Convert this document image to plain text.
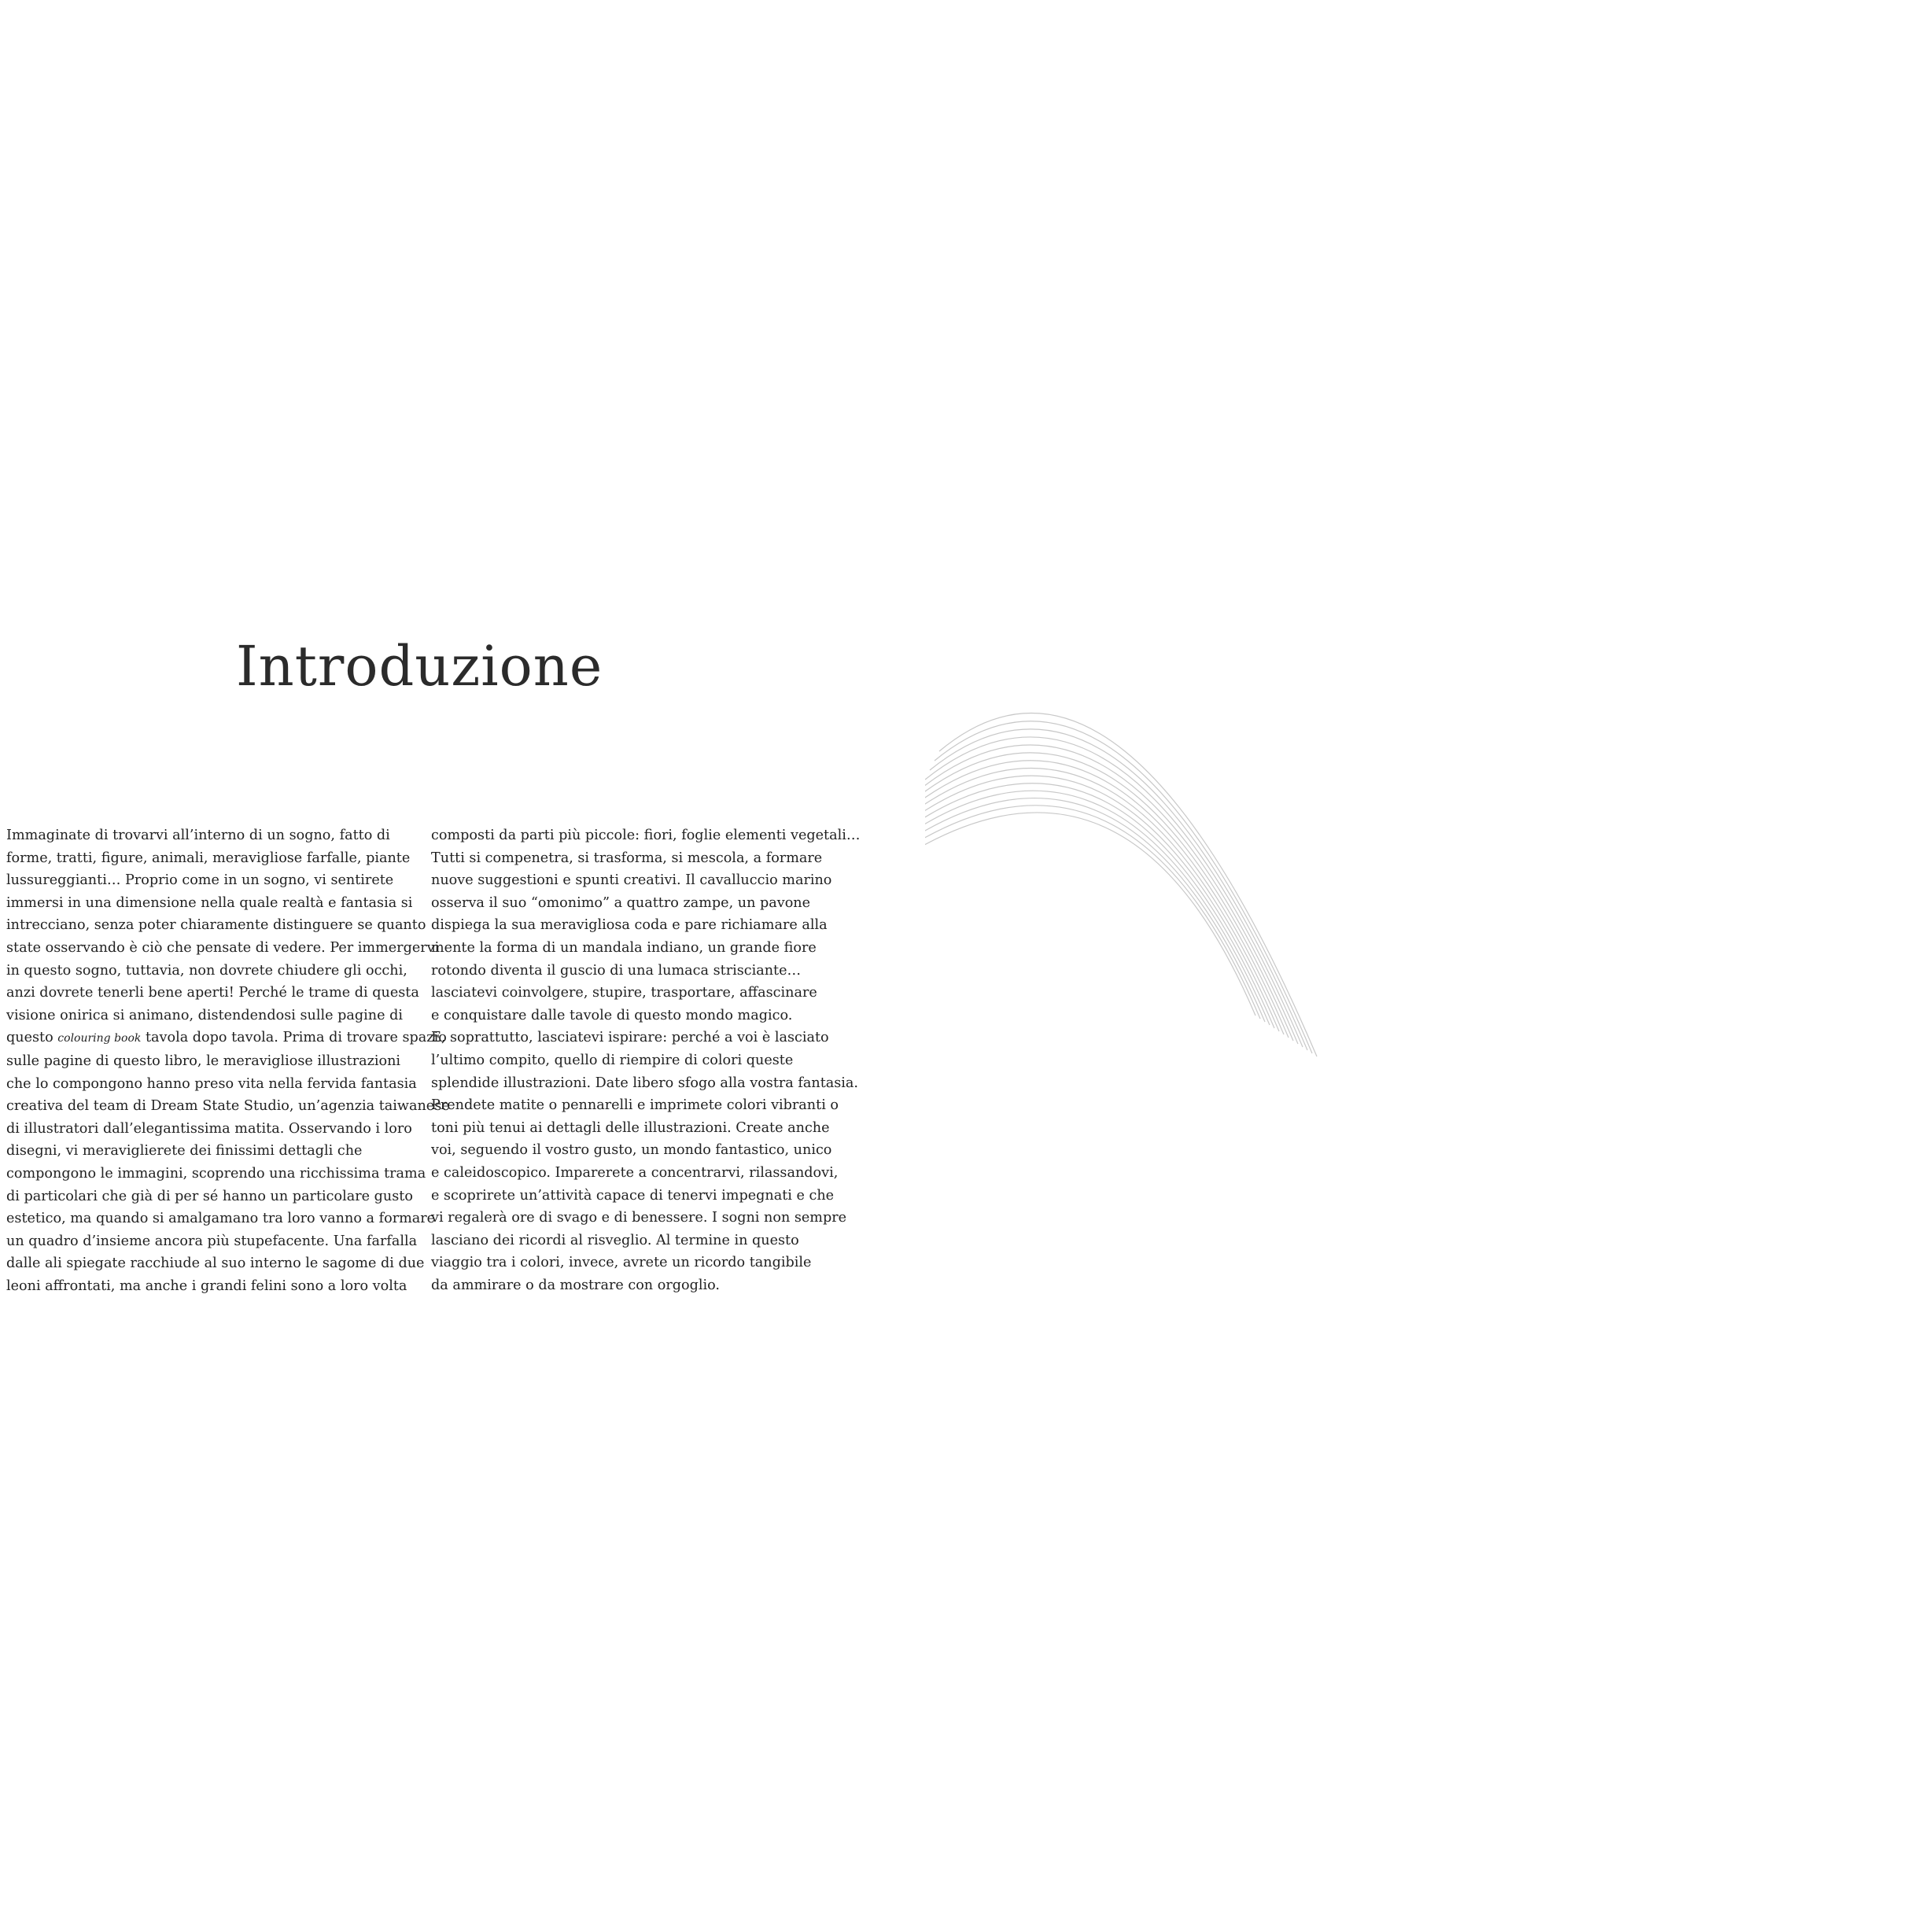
Introduzione
Immaginate di trovarvi all’interno di un sogno, fatto di
forme, tratti, figure, animali, meravigliose farfalle, piante
lussureggianti… Proprio come in un sogno, vi sentirete
immersi in una dimensione nella quale realtà e fantasia si
intrecciano, senza poter chiaramente distinguere se quanto
state osservando è ciò che pensate di vedere. Per immergervi
in questo sogno, tuttavia, non dovrete chiudere gli occhi,
anzi dovrete tenerli bene aperti! Perché le trame di questa
visione onirica si animano, distendendosi sulle pagine di
questo colouring book tavola dopo tavola. Prima di trovare spazio
sulle pagine di questo libro, le meravigliose illustrazioni
che lo compongono hanno preso vita nella fervida fantasia
creativa del team di Dream State Studio, un’agenzia taiwanese
di illustratori dall’elegantissima matita. Osservando i loro
disegni, vi meraviglierete dei finissimi dettagli che
compongono le immagini, scoprendo una ricchissima trama
di particolari che già di per sé hanno un particolare gusto
estetico, ma quando si amalgamano tra loro vanno a formare
un quadro d’insieme ancora più stupefacente. Una farfalla
dalle ali spiegate racchiude al suo interno le sagome di due
leoni affrontati, ma anche i grandi felini sono a loro volta
composti da parti più piccole: fiori, foglie elementi vegetali…
Tutti si compenetra, si trasforma, si mescola, a formare
nuove suggestioni e spunti creativi. Il cavalluccio marino
osserva il suo “omonimo” a quattro zampe, un pavone
dispiega la sua meravigliosa coda e pare richiamare alla
mente la forma di un mandala indiano, un grande fiore
rotondo diventa il guscio di una lumaca strisciante…
lasciatevi coinvolgere, stupire, trasportare, affascinare
e conquistare dalle tavole di questo mondo magico.
E, soprattutto, lasciatevi ispirare: perché a voi è lasciato
l’ultimo compito, quello di riempire di colori queste
splendide illustrazioni. Date libero sfogo alla vostra fantasia.
Prendete matite o pennarelli e imprimete colori vibranti o
toni più tenui ai dettagli delle illustrazioni. Create anche
voi, seguendo il vostro gusto, un mondo fantastico, unico
e caleidoscopico. Imparerete a concentrarvi, rilassandovi,
e scoprirete un’attività capace di tenervi impegnati e che
vi regalerà ore di svago e di benessere. I sogni non sempre
lasciano dei ricordi al risveglio. Al termine in questo
viaggio tra i colori, invece, avrete un ricordo tangibile
da ammirare o da mostrare con orgoglio.
